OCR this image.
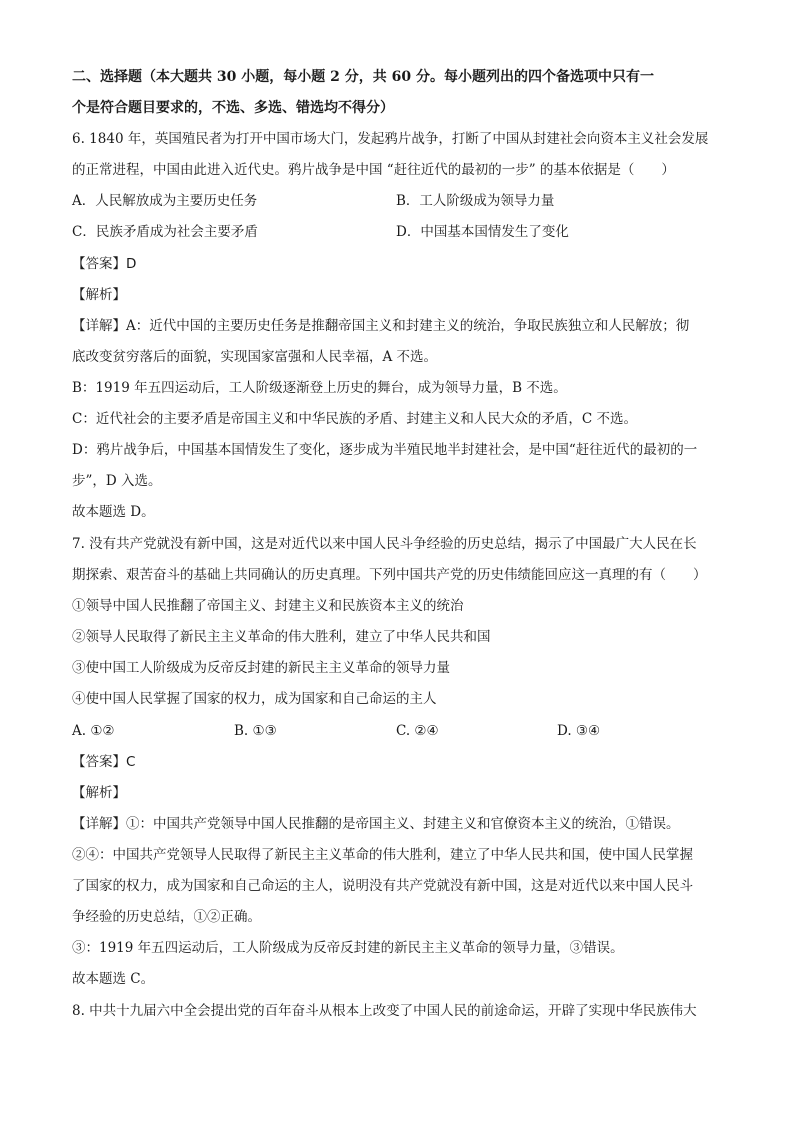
二、选择题（本大题共 30 小题，每小题 2 分，共 60 分。每小题列出的四个备选项中只有一
个是符合题目要求的，不选、多选、错选均不得分）
6. 1840 年，英国殖民者为打开中国市场大门，发起鸦片战争，打断了中国从封建社会向资本主义社会发展
的正常进程，中国由此进入近代史。鸦片战争是中国 “赶往近代的最初的一步” 的基本依据是（　　）
A．人民解放成为主要历史任务	B．工人阶级成为领导力量
C．民族矛盾成为社会主要矛盾	D．中国基本国情发生了变化
【答案】D
【解析】
【详解】A：近代中国的主要历史任务是推翻帝国主义和封建主义的统治，争取民族独立和人民解放；彻
底改变贫穷落后的面貌，实现国家富强和人民幸福，A 不选。
B：1919 年五四运动后，工人阶级逐渐登上历史的舞台，成为领导力量，B 不选。
C：近代社会的主要矛盾是帝国主义和中华民族的矛盾、封建主义和人民大众的矛盾，C 不选。
D：鸦片战争后，中国基本国情发生了变化，逐步成为半殖民地半封建社会，是中国“赶往近代的最初的一
步”，D 入选。
故本题选 D。
7. 没有共产党就没有新中国，这是对近代以来中国人民斗争经验的历史总结，揭示了中国最广大人民在长
期探索、艰苦奋斗的基础上共同确认的历史真理。下列中国共产党的历史伟绩能回应这一真理的有（　　）
①领导中国人民推翻了帝国主义、封建主义和民族资本主义的统治
②领导人民取得了新民主主义革命的伟大胜利，建立了中华人民共和国
③使中国工人阶级成为反帝反封建的新民主主义革命的领导力量
④使中国人民掌握了国家的权力，成为国家和自己命运的主人
A. ①②	B. ①③	C. ②④	D. ③④
【答案】C
【解析】
【详解】①：中国共产党领导中国人民推翻的是帝国主义、封建主义和官僚资本主义的统治，①错误。
②④：中国共产党领导人民取得了新民主主义革命的伟大胜利，建立了中华人民共和国，使中国人民掌握
了国家的权力，成为国家和自己命运的主人，说明没有共产党就没有新中国，这是对近代以来中国人民斗
争经验的历史总结，①②正确。
③：1919 年五四运动后，工人阶级成为反帝反封建的新民主主义革命的领导力量，③错误。
故本题选 C。
8. 中共十九届六中全会提出党的百年奋斗从根本上改变了中国人民的前途命运，开辟了实现中华民族伟大
